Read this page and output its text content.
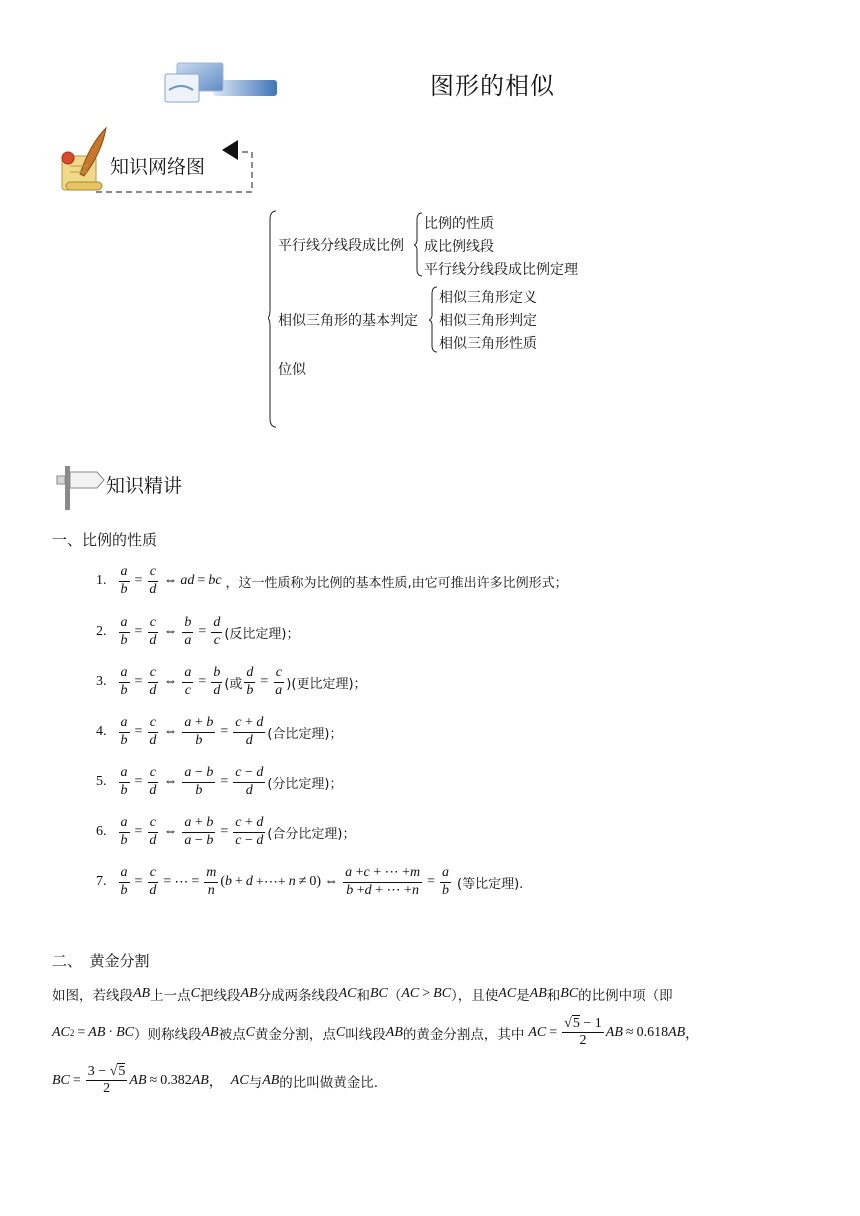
图形的相似
知识网络图
平行线分线段成比例
比例的性质
成比例线段
平行线分线段成比例定理
相似三角形的基本判定
相似三角形定义
相似三角形判定
相似三角形性质
位似
知识精讲
一、比例的性质
1. $\frac{a}{b} = \frac{c}{d}$ ⇔ ad = bc ，这一性质称为比例的基本性质,由它可推出许多比例形式；
2. $\frac{a}{b} = \frac{c}{d}$ ⇔ $\frac{b}{a} = \frac{d}{c}$ (反比定理)；
3. $\frac{a}{b} = \frac{c}{d}$ ⇔ $\frac{a}{c} = \frac{b}{d}$ (或 $\frac{d}{b} = \frac{c}{a}$ )(更比定理)；
4. $\frac{a}{b} = \frac{c}{d}$ ⇔ $\frac{a + b}{b} = \frac{c + d}{d}$ (合比定理)；
5. $\frac{a}{b} = \frac{c}{d}$ ⇔ $\frac{a - b}{b} = \frac{c - d}{d}$ (分比定理)；
6. $\frac{a}{b} = \frac{c}{d}$ ⇔ $\frac{a + b}{a - b} = \frac{c + d}{c - d}$ (合分比定理)；
7. $\frac{a}{b} = \frac{c}{d}$ = ⋯ = $\frac{m}{n}$ ( b + d +⋯+ n ≠ 0) ⇔ $\frac{a +c + \cdots +m}{b +d + \cdots +n} = \frac{a}{b}$ (等比定理).
二、　黄金分割
如图，若线段 AB 上一点 C 把线段 AB 分成两条线段 AC 和 BC （ AC > BC ），且使 AC 是 AB 和 BC 的比例中项（即
AC 2 = AB · BC ）则称线段 AB 被点 C 黄金分割，点 C 叫线段 AB 的黄金分割点，其中 AC = $\frac{√5 - 1}{2}$ AB ≈ 0.618 AB ，
BC = $\frac{3 - √5}{2}$ AB ≈ 0.382 AB ， AC 与 AB 的比叫做黄金比.
